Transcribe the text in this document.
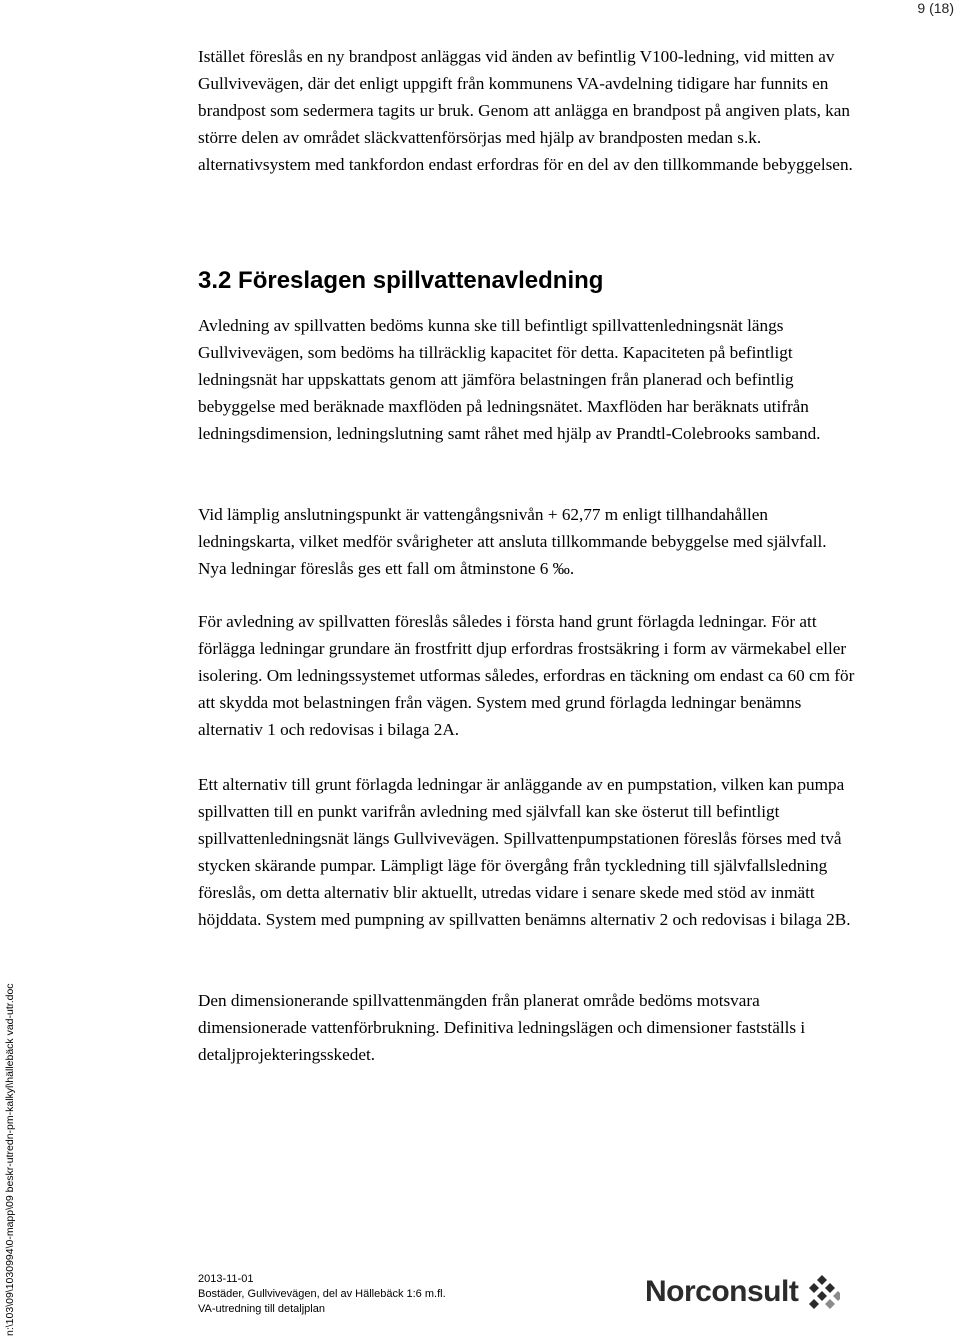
9 (18)

Istället föreslås en ny brandpost anläggas vid änden av befintlig V100-ledning, vid mitten av Gullvivevägen, där det enligt uppgift från kommunens VA-avdelning tidigare har funnits en brandpost som sedermera tagits ur bruk. Genom att anlägga en brandpost på angiven plats, kan större delen av området släckvattenförsörjas med hjälp av brandposten medan s.k. alternativsystem med tankfordon endast erfordras för en del av den tillkommande bebyggelsen.

3.2 Föreslagen spillvattenavledning

Avledning av spillvatten bedöms kunna ske till befintligt spillvattenledningsnät längs Gullvivevägen, som bedöms ha tillräcklig kapacitet för detta. Kapaciteten på befintligt ledningsnät har uppskattats genom att jämföra belastningen från planerad och befintlig bebyggelse med beräknade maxflöden på ledningsnätet. Maxflöden har beräknats utifrån ledningsdimension, ledningslutning samt råhet med hjälp av Prandtl-Colebrooks samband.

Vid lämplig anslutningspunkt är vattengångsnivån + 62,77 m enligt tillhandahållen ledningskarta, vilket medför svårigheter att ansluta tillkommande bebyggelse med självfall. Nya ledningar föreslås ges ett fall om åtminstone 6 ‰.

För avledning av spillvatten föreslås således i första hand grunt förlagda ledningar. För att förlägga ledningar grundare än frostfritt djup erfordras frostsäkring i form av värmekabel eller isolering. Om ledningssystemet utformas således, erfordras en täckning om endast ca 60 cm för att skydda mot belastningen från vägen. System med grund förlagda ledningar benämns alternativ 1 och redovisas i bilaga 2A.

Ett alternativ till grunt förlagda ledningar är anläggande av en pumpstation, vilken kan pumpa spillvatten till en punkt varifrån avledning med självfall kan ske österut till befintligt spillvattenledningsnät längs Gullvivevägen. Spillvattenpumpstationen föreslås förses med två stycken skärande pumpar. Lämpligt läge för övergång från tyckledning till självfallsledning föreslås, om detta alternativ blir aktuellt, utredas vidare i senare skede med stöd av inmätt höjddata. System med pumpning av spillvatten benämns alternativ 2 och redovisas i bilaga 2B.

Den dimensionerande spillvattenmängden från planerat område bedöms motsvara dimensionerade vattenförbrukning. Definitiva ledningslägen och dimensioner fastställs i detaljprojekteringsskedet.

n:\103\09\1030994\0-mapp\09 beskr-utredn-pm-kalkyl\hällebäck vad-utr.doc	2013-11-01
Bostäder, Gullvivevägen, del av Hällebäck 1:6 m.fl.
VA-utredning till detaljplan
Norconsult
